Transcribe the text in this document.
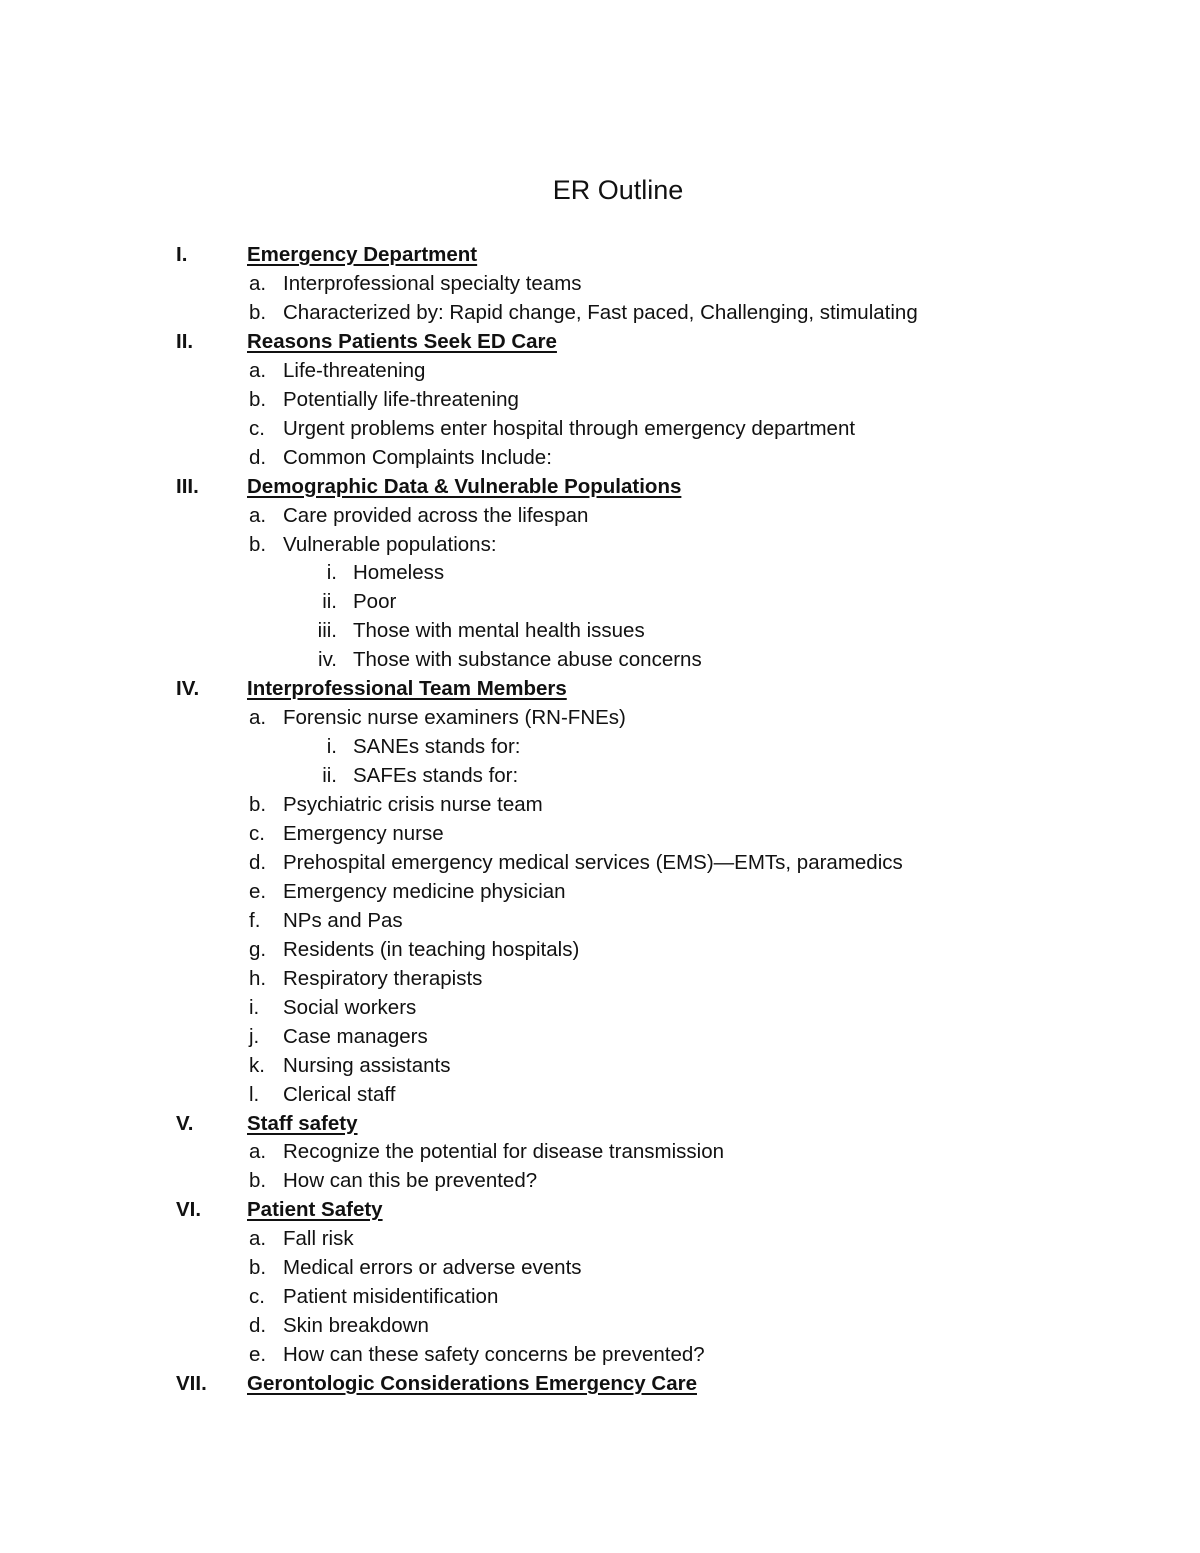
ER Outline
I.	Emergency Department
a. Interprofessional specialty teams
b. Characterized by: Rapid change, Fast paced, Challenging, stimulating
II.	Reasons Patients Seek ED Care
a. Life-threatening
b. Potentially life-threatening
c. Urgent problems enter hospital through emergency department
d. Common Complaints Include:
III. Demographic Data & Vulnerable Populations
a. Care provided across the lifespan
b. Vulnerable populations:
i. Homeless
ii. Poor
iii. Those with mental health issues
iv. Those with substance abuse concerns
IV. Interprofessional Team Members
a. Forensic nurse examiners (RN-FNEs)
i. SANEs stands for:
ii. SAFEs stands for:
b. Psychiatric crisis nurse team
c. Emergency nurse
d. Prehospital emergency medical services (EMS)—EMTs, paramedics
e. Emergency medicine physician
f. NPs and Pas
g. Residents (in teaching hospitals)
h. Respiratory therapists
i. Social workers
j. Case managers
k. Nursing assistants
l. Clerical staff
V.	Staff safety
a. Recognize the potential for disease transmission
b. How can this be prevented?
VI. Patient Safety
a. Fall risk
b. Medical errors or adverse events
c. Patient misidentification
d. Skin breakdown
e. How can these safety concerns be prevented?
VII. Gerontologic Considerations Emergency Care
